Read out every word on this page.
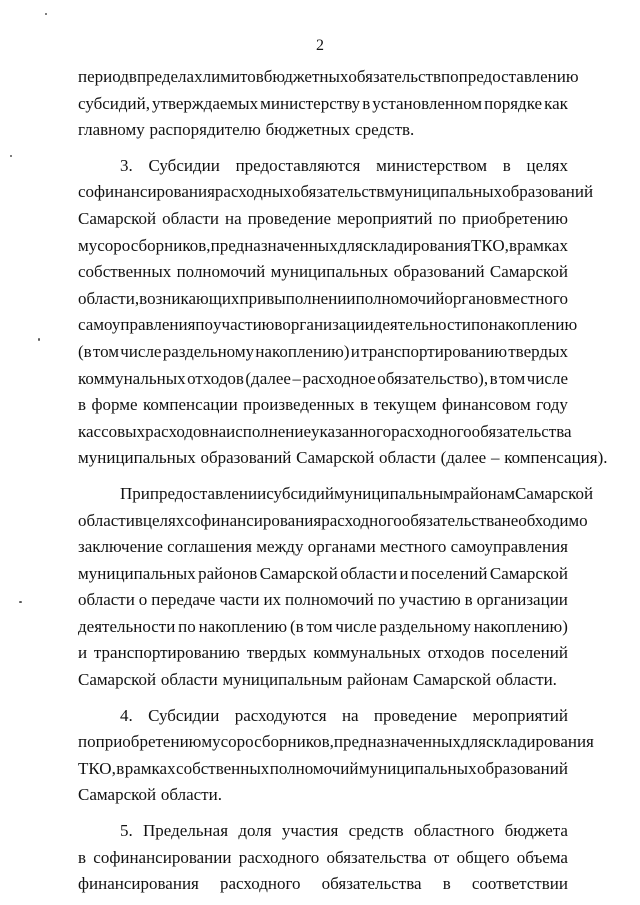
2
период в пределах лимитов бюджетных обязательств по предоставлению
субсидий, утверждаемых министерству в установленном порядке как
главному распорядителю бюджетных средств.
3. Субсидии предоставляются министерством в целях
софинансирования расходных обязательств муниципальных образований
Самарской области на проведение мероприятий по приобретению
мусоросборников, предназначенных для складирования ТКО, в рамках
собственных полномочий муниципальных образований Самарской
области, возникающих при выполнении полномочий органов местного
самоуправления по участию в организации деятельности по накоплению
(в том числе раздельному накоплению) и транспортированию твердых
коммунальных отходов (далее – расходное обязательство), в том числе
в форме компенсации произведенных в текущем финансовом году
кассовых расходов на исполнение указанного расходного обязательства
муниципальных образований Самарской области (далее – компенсация).
При предоставлении субсидий муниципальным районам Самарской
области в целях софинансирования расходного обязательства необходимо
заключение соглашения между органами местного самоуправления
муниципальных районов Самарской области и поселений Самарской
области о передаче части их полномочий по участию в организации
деятельности по накоплению (в том числе раздельному накоплению)
и транспортированию твердых коммунальных отходов поселений
Самарской области муниципальным районам Самарской области.
4. Субсидии расходуются на проведение мероприятий
по приобретению мусоросборников, предназначенных для складирования
ТКО, в рамках собственных полномочий муниципальных образований
Самарской области.
5. Предельная доля участия средств областного бюджета
в софинансировании расходного обязательства от общего объема
финансирования расходного обязательства в соответствии
